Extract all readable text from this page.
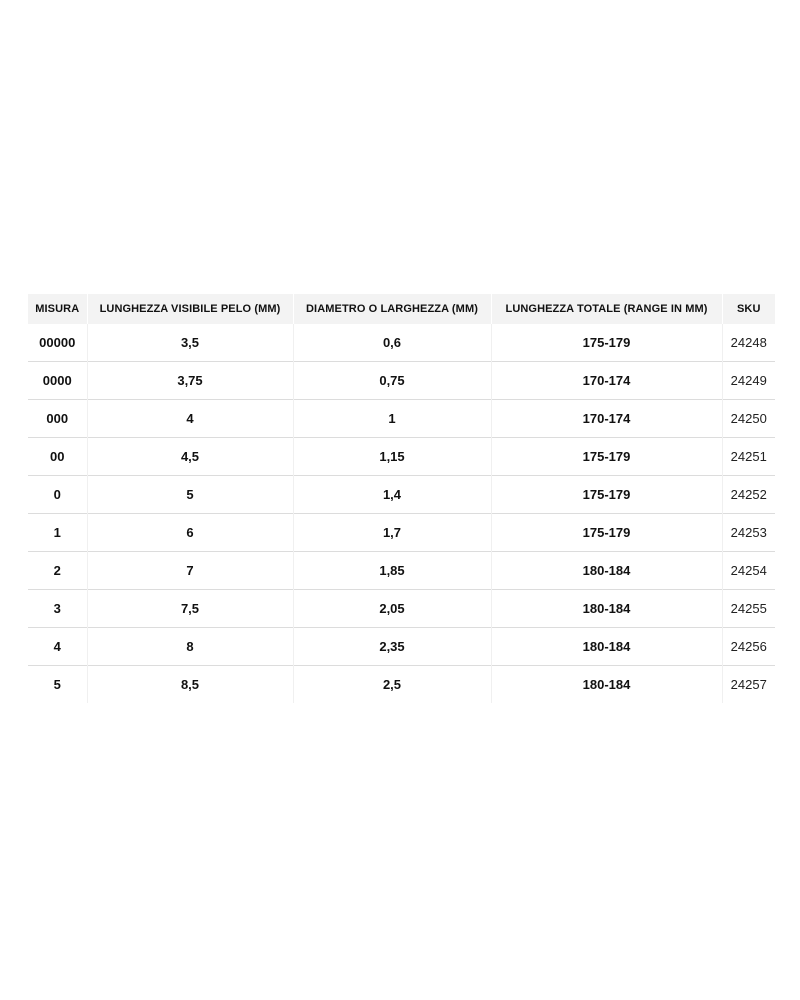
MISURA	LUNGHEZZA VISIBILE PELO (MM)	DIAMETRO O LARGHEZZA (MM)	LUNGHEZZA TOTALE (RANGE IN MM)	SKU
00000	3,5	0,6	175-179	24248
0000	3,75	0,75	170-174	24249
000	4	1	170-174	24250
00	4,5	1,15	175-179	24251
0	5	1,4	175-179	24252
1	6	1,7	175-179	24253
2	7	1,85	180-184	24254
3	7,5	2,05	180-184	24255
4	8	2,35	180-184	24256
5	8,5	2,5	180-184	24257
